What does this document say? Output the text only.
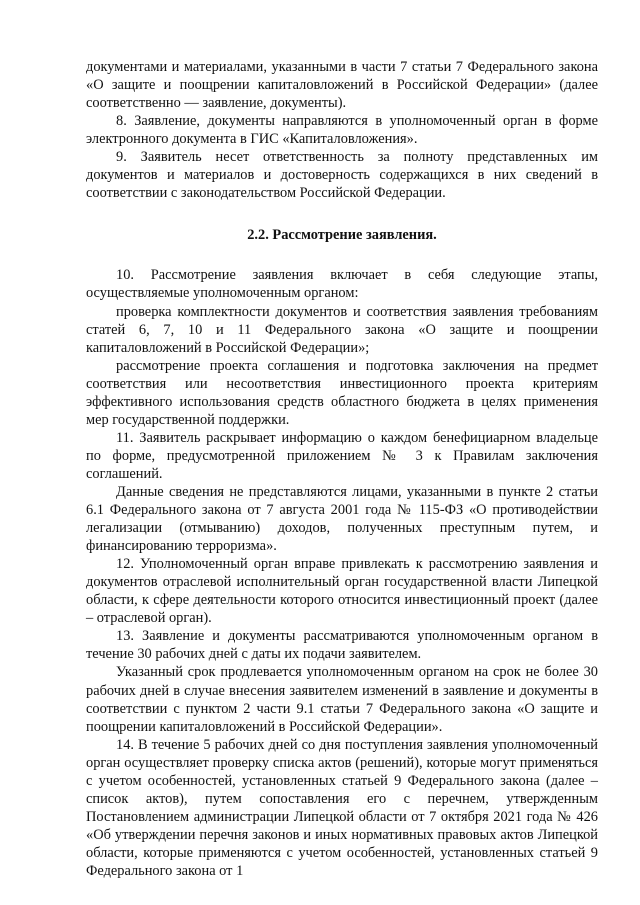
документами и материалами, указанными в части 7 статьи 7 Федерального закона «О защите и поощрении капиталовложений в Российской Федерации» (далее соответственно — заявление, документы).

8. Заявление, документы направляются в уполномоченный орган в форме электронного документа в ГИС «Капиталовложения».

9. Заявитель несет ответственность за полноту представленных им документов и материалов и достоверность содержащихся в них сведений в соответствии с законодательством Российской Федерации.

2.2. Рассмотрение заявления.

10. Рассмотрение заявления включает в себя следующие этапы, осуществляемые уполномоченным органом:

проверка комплектности документов и соответствия заявления требованиям статей 6, 7, 10 и 11 Федерального закона «О защите и поощрении капиталовложений в Российской Федерации»;

рассмотрение проекта соглашения и подготовка заключения на предмет соответствия или несоответствия инвестиционного проекта критериям эффективного использования средств областного бюджета в целях применения мер государственной поддержки.

11. Заявитель раскрывает информацию о каждом бенефициарном владельце по форме, предусмотренной приложением № 3 к Правилам заключения соглашений.

Данные сведения не представляются лицами, указанными в пункте 2 статьи 6.1 Федерального закона от 7 августа 2001 года № 115-ФЗ «О противодействии легализации (отмыванию) доходов, полученных преступным путем, и финансированию терроризма».

12. Уполномоченный орган вправе привлекать к рассмотрению заявления и документов отраслевой исполнительный орган государственной власти Липецкой области, к сфере деятельности которого относится инвестиционный проект (далее – отраслевой орган).

13. Заявление и документы рассматриваются уполномоченным органом в течение 30 рабочих дней с даты их подачи заявителем.

Указанный срок продлевается уполномоченным органом на срок не более 30 рабочих дней в случае внесения заявителем изменений в заявление и документы в соответствии с пунктом 2 части 9.1 статьи 7 Федерального закона «О защите и поощрении капиталовложений в Российской Федерации».

14. В течение 5 рабочих дней со дня поступления заявления уполномоченный орган осуществляет проверку списка актов (решений), которые могут применяться с учетом особенностей, установленных статьей 9 Федерального закона (далее – список актов), путем сопоставления его с перечнем, утвержденным Постановлением администрации Липецкой области от 7 октября 2021 года № 426 «Об утверждении перечня законов и иных нормативных правовых актов Липецкой области, которые применяются с учетом особенностей, установленных статьей 9 Федерального закона от 1
